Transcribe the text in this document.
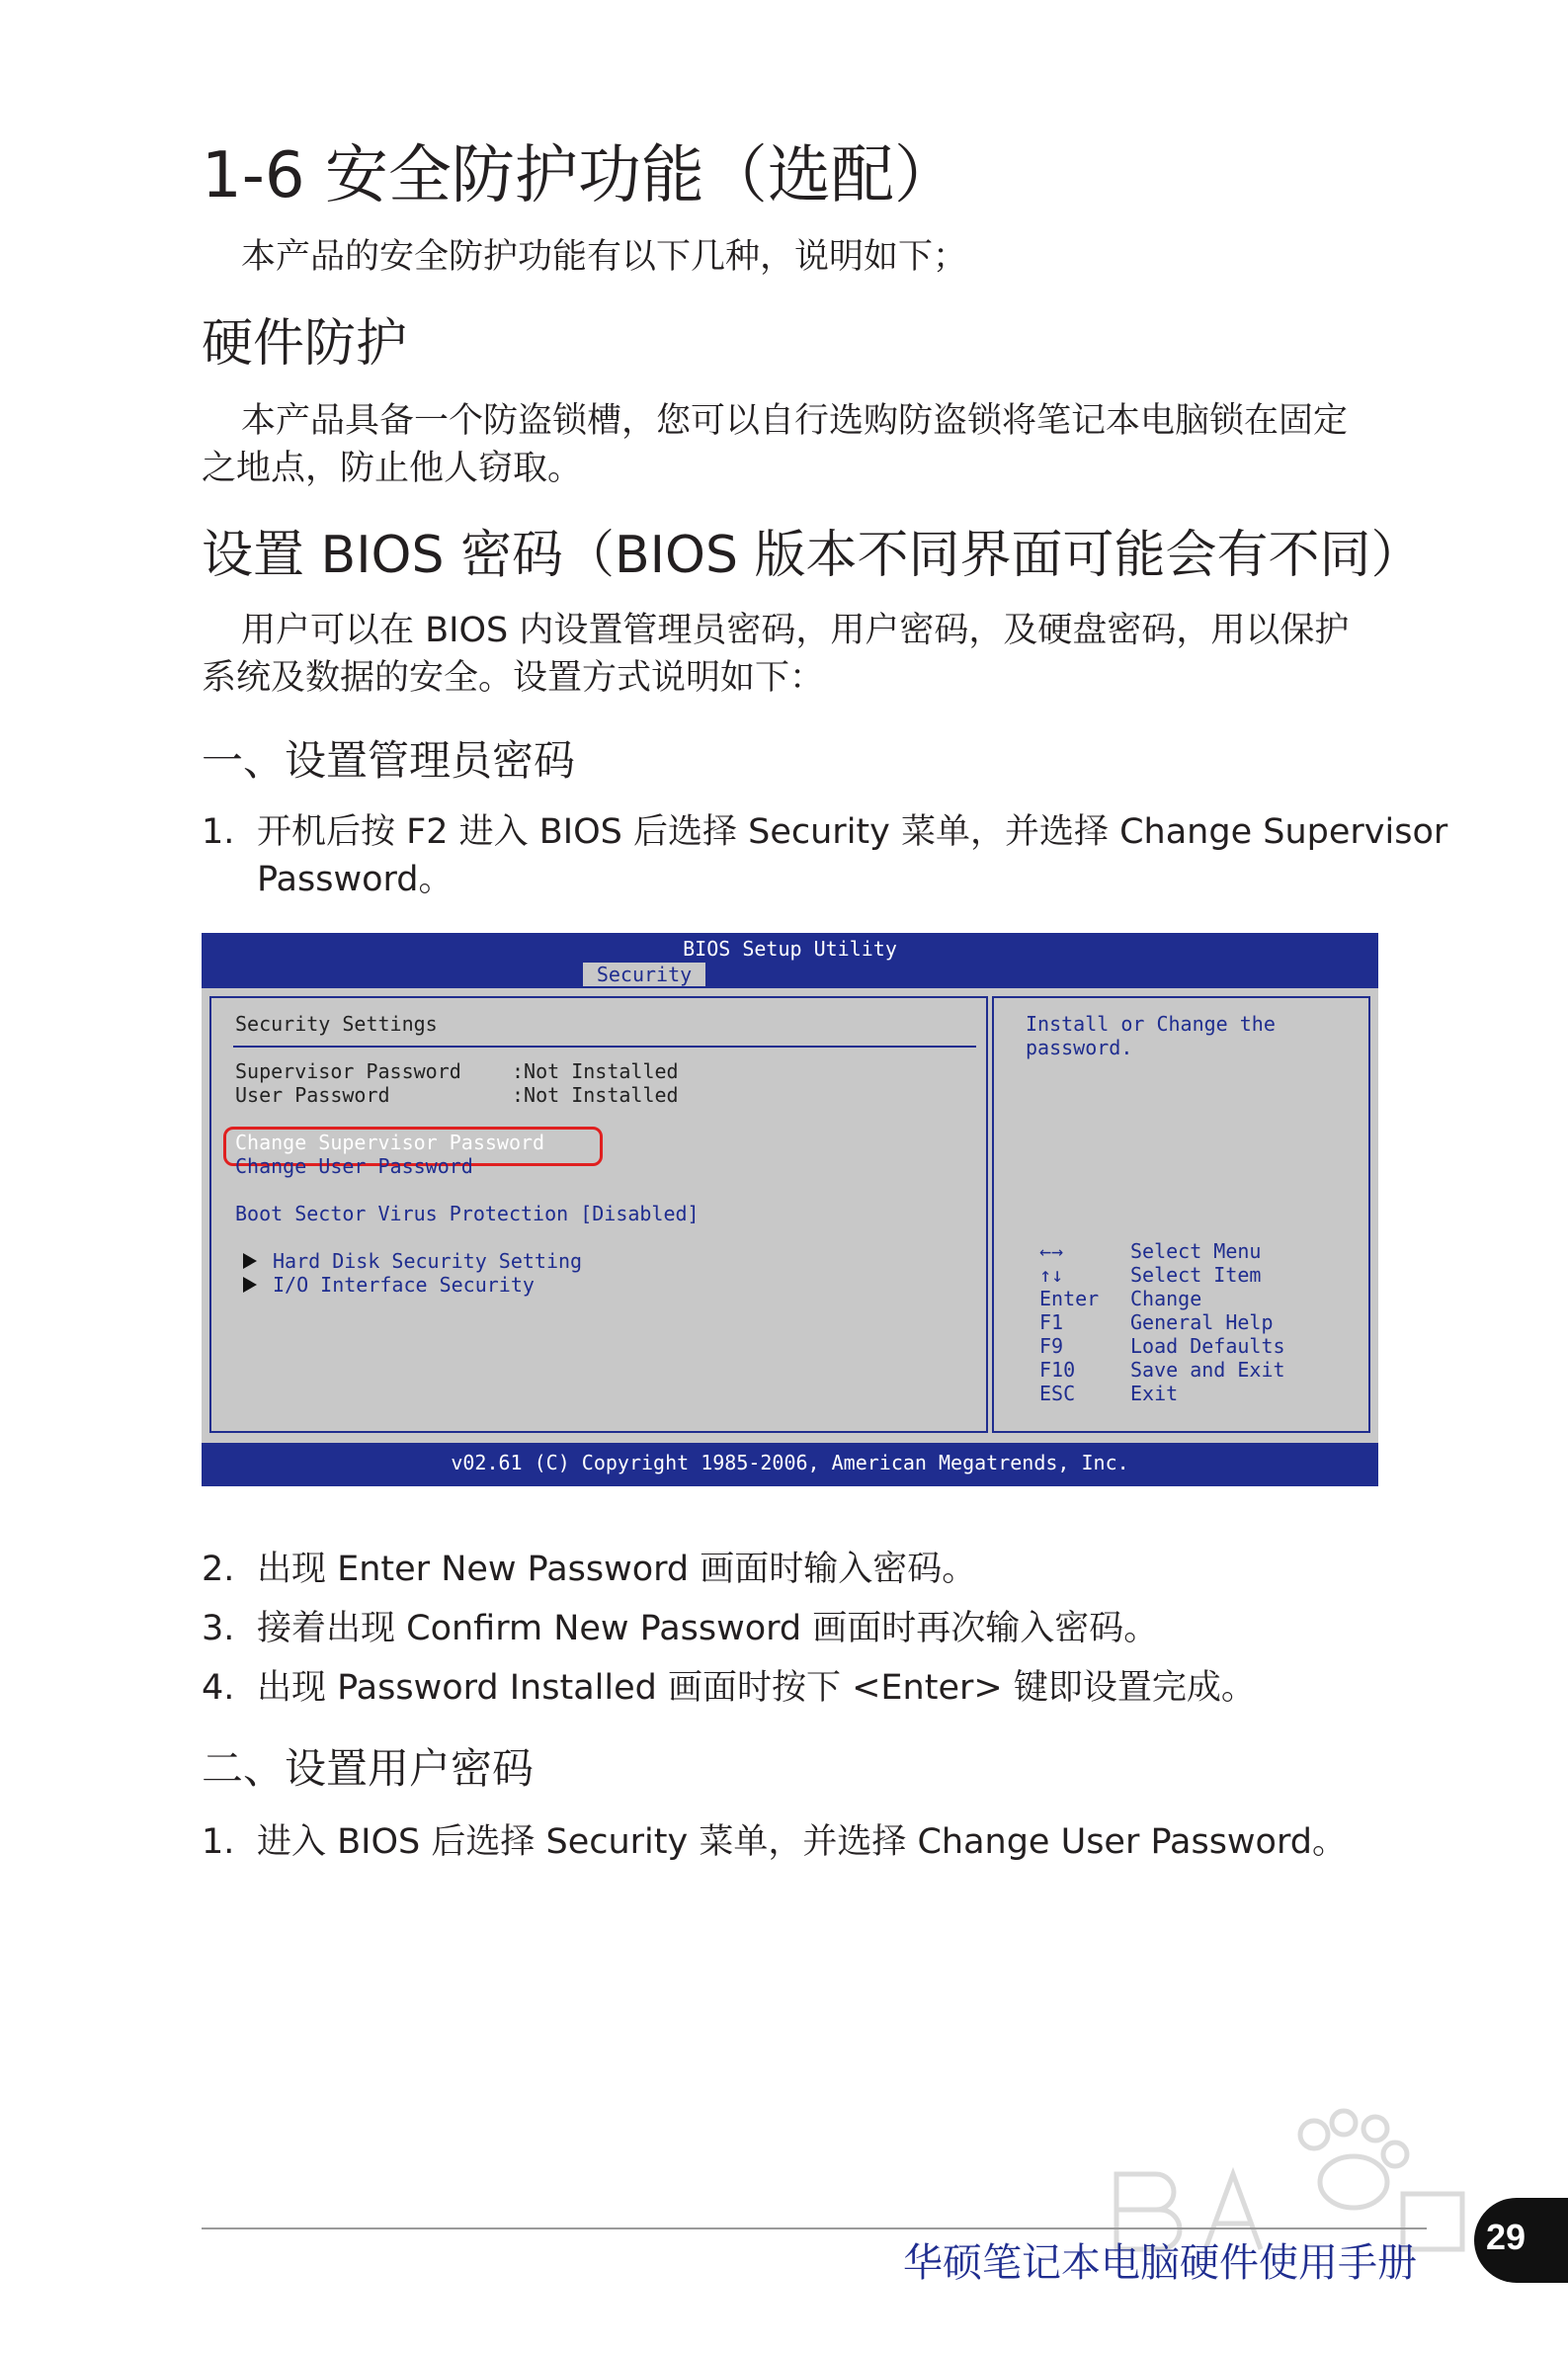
1-6 安全防护功能（选配）
本产品的安全防护功能有以下几种，说明如下；
硬件防护
本产品具备一个防盗锁槽，您可以自行选购防盗锁将笔记本电脑锁在固定
之地点，防止他人窃取。
设置 BIOS 密码（BIOS 版本不同界面可能会有不同）
用户可以在 BIOS 内设置管理员密码，用户密码，及硬盘密码，用以保护
系统及数据的安全。设置方式说明如下：
一、设置管理员密码
1. 开机后按 F2 进入 BIOS 后选择 Security 菜单，并选择 Change Supervisor
Password。
BIOS Setup Utility
Security
Security Settings
Supervisor Password	:Not Installed
User Password	:Not Installed
Change Supervisor Password
Change User Password
Boot Sector Virus Protection [Disabled]
Hard Disk Security Setting
I/O Interface Security
Install or Change the
password.
←→	Select Menu
↑↓	Select Item
Enter Change
F1	General Help
F9	Load Defaults
F10	Save and Exit
ESC	Exit
v02.61 (C) Copyright 1985-2006, American Megatrends, Inc.
2. 出现 Enter New Password 画面时输入密码。
3. 接着出现 Confirm New Password 画面时再次输入密码。
4. 出现 Password Installed 画面时按下 <Enter> 键即设置完成。
二、设置用户密码
1. 进入 BIOS 后选择 Security 菜单，并选择 Change User Password。
华硕笔记本电脑硬件使用手册
29
